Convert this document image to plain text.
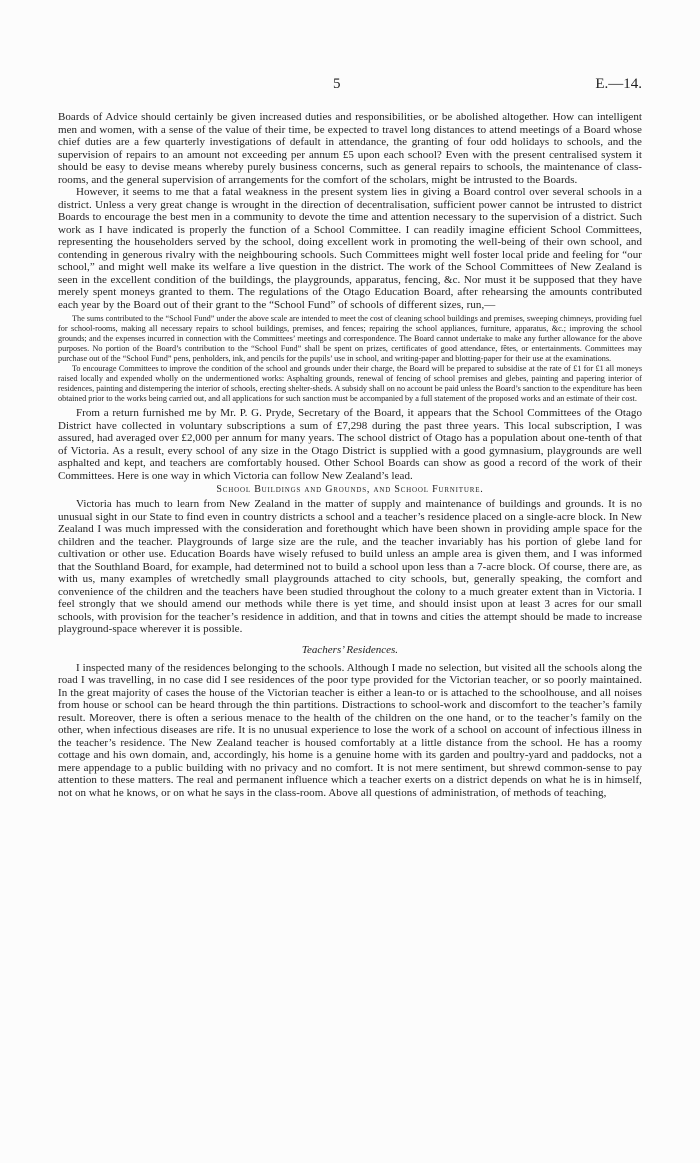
5	E.—14.

Boards of Advice should certainly be given increased duties and responsibilities, or be abolished altogether. How can intelligent men and women, with a sense of the value of their time, be expected to travel long distances to attend meetings of a Board whose chief duties are a few quarterly investigations of default in attendance, the granting of four odd holidays to schools, and the supervision of repairs to an amount not exceeding per annum £5 upon each school? Even with the present centralised system it should be easy to devise means whereby purely business concerns, such as general repairs to schools, the maintenance of class-rooms, and the general supervision of arrangements for the comfort of the scholars, might be intrusted to the Boards.

However, it seems to me that a fatal weakness in the present system lies in giving a Board control over several schools in a district. Unless a very great change is wrought in the direction of decentralisation, sufficient power cannot be intrusted to district Boards to encourage the best men in a community to devote the time and attention necessary to the supervision of a district. Such work as I have indicated is properly the function of a School Committee. I can readily imagine efficient School Committees, representing the householders served by the school, doing excellent work in promoting the well-being of their own school, and contending in generous rivalry with the neighbouring schools. Such Committees might well foster local pride and feeling for “our school,” and might well make its welfare a live question in the district. The work of the School Committees of New Zealand is seen in the excellent condition of the buildings, the playgrounds, apparatus, fencing, &c. Nor must it be supposed that they have merely spent moneys granted to them. The regulations of the Otago Education Board, after rehearsing the amounts contributed each year by the Board out of their grant to the “School Fund” of schools of different sizes, run,—

The sums contributed to the “School Fund” under the above scale are intended to meet the cost of cleaning school buildings and premises, sweeping chimneys, providing fuel for school-rooms, making all necessary repairs to school buildings, premises, and fences; repairing the school appliances, furniture, apparatus, &c.; improving the school grounds; and the expenses incurred in connection with the Committees’ meetings and correspondence. The Board cannot undertake to make any further allowance for the above purposes. No portion of the Board’s contribution to the “School Fund” shall be spent on prizes, certificates of good attendance, fêtes, or entertainments. Committees may purchase out of the “School Fund” pens, penholders, ink, and pencils for the pupils’ use in school, and writing-paper and blotting-paper for their use at the examinations.

To encourage Committees to improve the condition of the school and grounds under their charge, the Board will be prepared to subsidise at the rate of £1 for £1 all moneys raised locally and expended wholly on the undermentioned works: Asphalting grounds, renewal of fencing of school premises and glebes, painting and papering interior of residences, painting and distempering the interior of schools, erecting shelter-sheds. A subsidy shall on no account be paid unless the Board’s sanction to the expenditure has been obtained prior to the works being carried out, and all applications for such sanction must be accompanied by a full statement of the proposed works and an estimate of their cost.

From a return furnished me by Mr. P. G. Pryde, Secretary of the Board, it appears that the School Committees of the Otago District have collected in voluntary subscriptions a sum of £7,298 during the past three years. This local subscription, I was assured, had averaged over £2,000 per annum for many years. The school district of Otago has a population about one-tenth of that of Victoria. As a result, every school of any size in the Otago District is supplied with a good gymnasium, playgrounds are well asphalted and kept, and teachers are comfortably housed. Other School Boards can show as good a record of the work of their Committees. Here is one way in which Victoria can follow New Zealand’s lead.

School Buildings and Grounds, and School Furniture.

Victoria has much to learn from New Zealand in the matter of supply and maintenance of buildings and grounds. It is no unusual sight in our State to find even in country districts a school and a teacher’s residence placed on a single-acre block. In New Zealand I was much impressed with the consideration and forethought which have been shown in providing ample space for the children and the teacher. Playgrounds of large size are the rule, and the teacher invariably has his portion of glebe land for cultivation or other use. Education Boards have wisely refused to build unless an ample area is given them, and I was informed that the Southland Board, for example, had determined not to build a school upon less than a 7-acre block. Of course, there are, as with us, many examples of wretchedly small playgrounds attached to city schools, but, generally speaking, the comfort and convenience of the children and the teachers have been studied throughout the colony to a much greater extent than in Victoria. I feel strongly that we should amend our methods while there is yet time, and should insist upon at least 3 acres for our small schools, with provision for the teacher’s residence in addition, and that in towns and cities the attempt should be made to increase playground-space wherever it is possible.

Teachers’ Residences.

I inspected many of the residences belonging to the schools. Although I made no selection, but visited all the schools along the road I was travelling, in no case did I see residences of the poor type provided for the Victorian teacher, or so poorly maintained. In the great majority of cases the house of the Victorian teacher is either a lean-to or is attached to the schoolhouse, and all noises from house or school can be heard through the thin partitions. Distractions to school-work and discomfort to the teacher’s family result. Moreover, there is often a serious menace to the health of the children on the one hand, or to the teacher’s family on the other, when infectious diseases are rife. It is no unusual experience to lose the work of a school on account of infectious illness in the teacher’s residence. The New Zealand teacher is housed comfortably at a little distance from the school. He has a roomy cottage and his own domain, and, accordingly, his home is a genuine home with its garden and poultry-yard and paddocks, not a mere appendage to a public building with no privacy and no comfort. It is not mere sentiment, but shrewd common-sense to pay attention to these matters. The real and permanent influence which a teacher exerts on a district depends on what he is in himself, not on what he knows, or on what he says in the class-room. Above all questions of administration, of methods of teaching,
